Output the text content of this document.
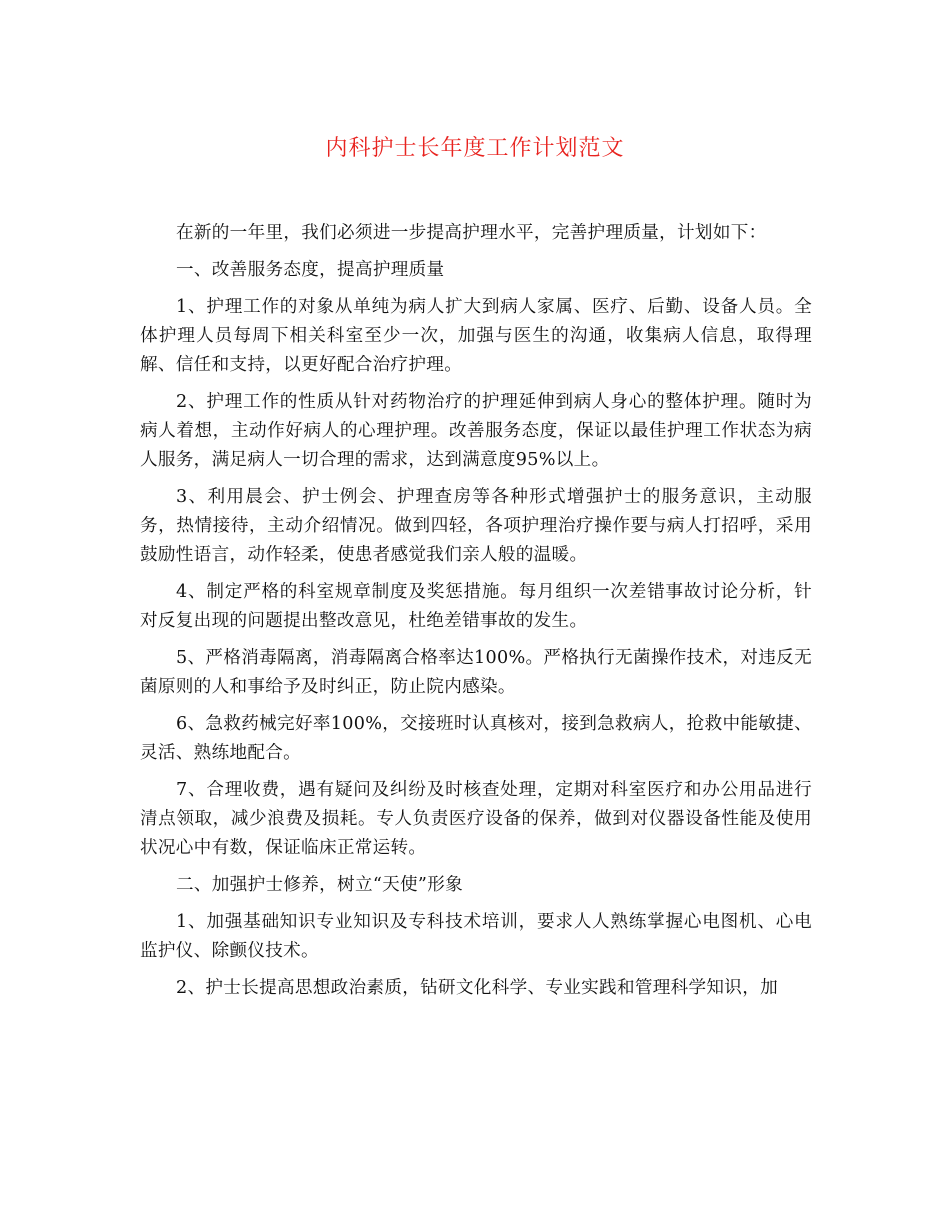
内科护士长年度工作计划范文

在新的一年里，我们必须进一步提高护理水平，完善护理质量，计划如下：

一、改善服务态度，提高护理质量

1、护理工作的对象从单纯为病人扩大到病人家属、医疗、后勤、设备人员。全体护理人员每周下相关科室至少一次，加强与医生的沟通，收集病人信息，取得理解、信任和支持，以更好配合治疗护理。

2、护理工作的性质从针对药物治疗的护理延伸到病人身心的整体护理。随时为病人着想，主动作好病人的心理护理。改善服务态度，保证以最佳护理工作状态为病人服务，满足病人一切合理的需求，达到满意度95%以上。

3、利用晨会、护士例会、护理查房等各种形式增强护士的服务意识，主动服务，热情接待，主动介绍情况。做到四轻，各项护理治疗操作要与病人打招呼，采用鼓励性语言，动作轻柔，使患者感觉我们亲人般的温暖。

4、制定严格的科室规章制度及奖惩措施。每月组织一次差错事故讨论分析，针对反复出现的问题提出整改意见，杜绝差错事故的发生。

5、严格消毒隔离，消毒隔离合格率达100%。严格执行无菌操作技术，对违反无菌原则的人和事给予及时纠正，防止院内感染。

6、急救药械完好率100%，交接班时认真核对，接到急救病人，抢救中能敏捷、灵活、熟练地配合。

7、合理收费，遇有疑问及纠纷及时核查处理，定期对科室医疗和办公用品进行清点领取，减少浪费及损耗。专人负责医疗设备的保养，做到对仪器设备性能及使用状况心中有数，保证临床正常运转。

二、加强护士修养，树立“天使”形象

1、加强基础知识专业知识及专科技术培训，要求人人熟练掌握心电图机、心电监护仪、除颤仪技术。

2、护士长提高思想政治素质，钻研文化科学、专业实践和管理科学知识，加
